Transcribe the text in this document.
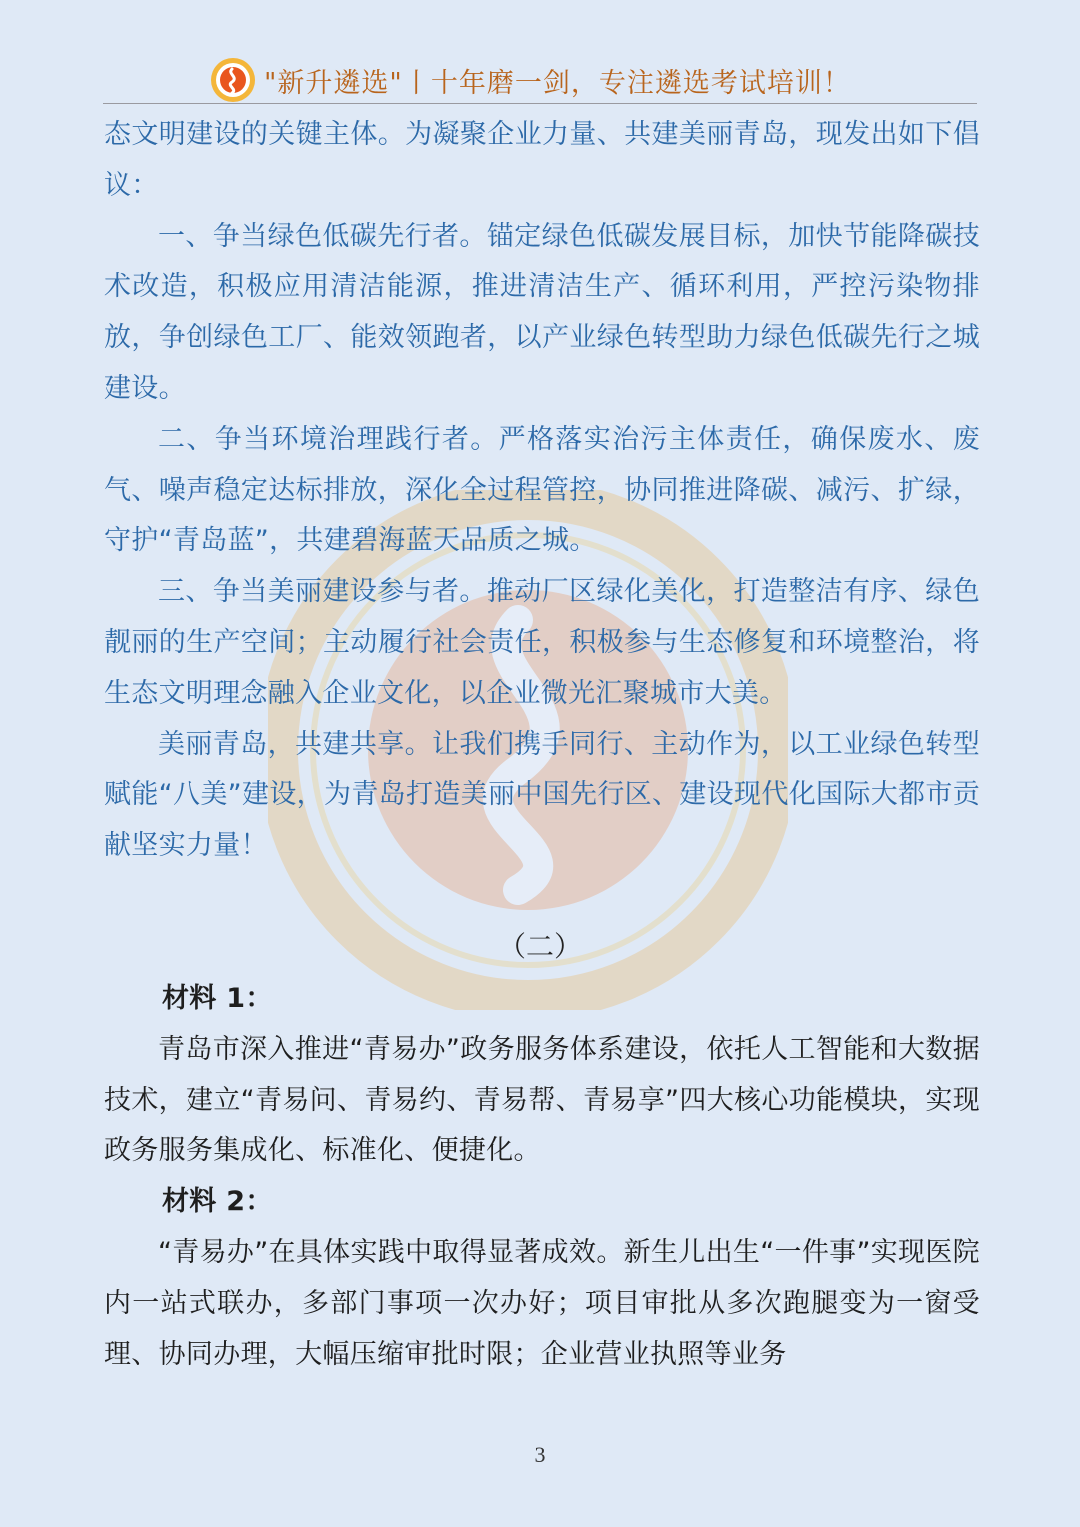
"新升遴选"丨十年磨一剑，专注遴选考试培训！

态文明建设的关键主体。为凝聚企业力量、共建美丽青岛，现发出如下倡议：

一、争当绿色低碳先行者。锚定绿色低碳发展目标，加快节能降碳技术改造，积极应用清洁能源，推进清洁生产、循环利用，严控污染物排放，争创绿色工厂、能效领跑者，以产业绿色转型助力绿色低碳先行之城建设。

二、争当环境治理践行者。严格落实治污主体责任，确保废水、废气、噪声稳定达标排放，深化全过程管控，协同推进降碳、减污、扩绿，守护“青岛蓝”，共建碧海蓝天品质之城。

三、争当美丽建设参与者。推动厂区绿化美化，打造整洁有序、绿色靓丽的生产空间；主动履行社会责任，积极参与生态修复和环境整治，将生态文明理念融入企业文化，以企业微光汇聚城市大美。

美丽青岛，共建共享。让我们携手同行、主动作为，以工业绿色转型赋能“八美”建设，为青岛打造美丽中国先行区、建设现代化国际大都市贡献坚实力量！

（二）

材料 1：

青岛市深入推进“青易办”政务服务体系建设，依托人工智能和大数据技术，建立“青易问、青易约、青易帮、青易享”四大核心功能模块，实现政务服务集成化、标准化、便捷化。

材料 2：

“青易办”在具体实践中取得显著成效。新生儿出生“一件事”实现医院内一站式联办，多部门事项一次办好；项目审批从多次跑腿变为一窗受理、协同办理，大幅压缩审批时限；企业营业执照等业务

3
